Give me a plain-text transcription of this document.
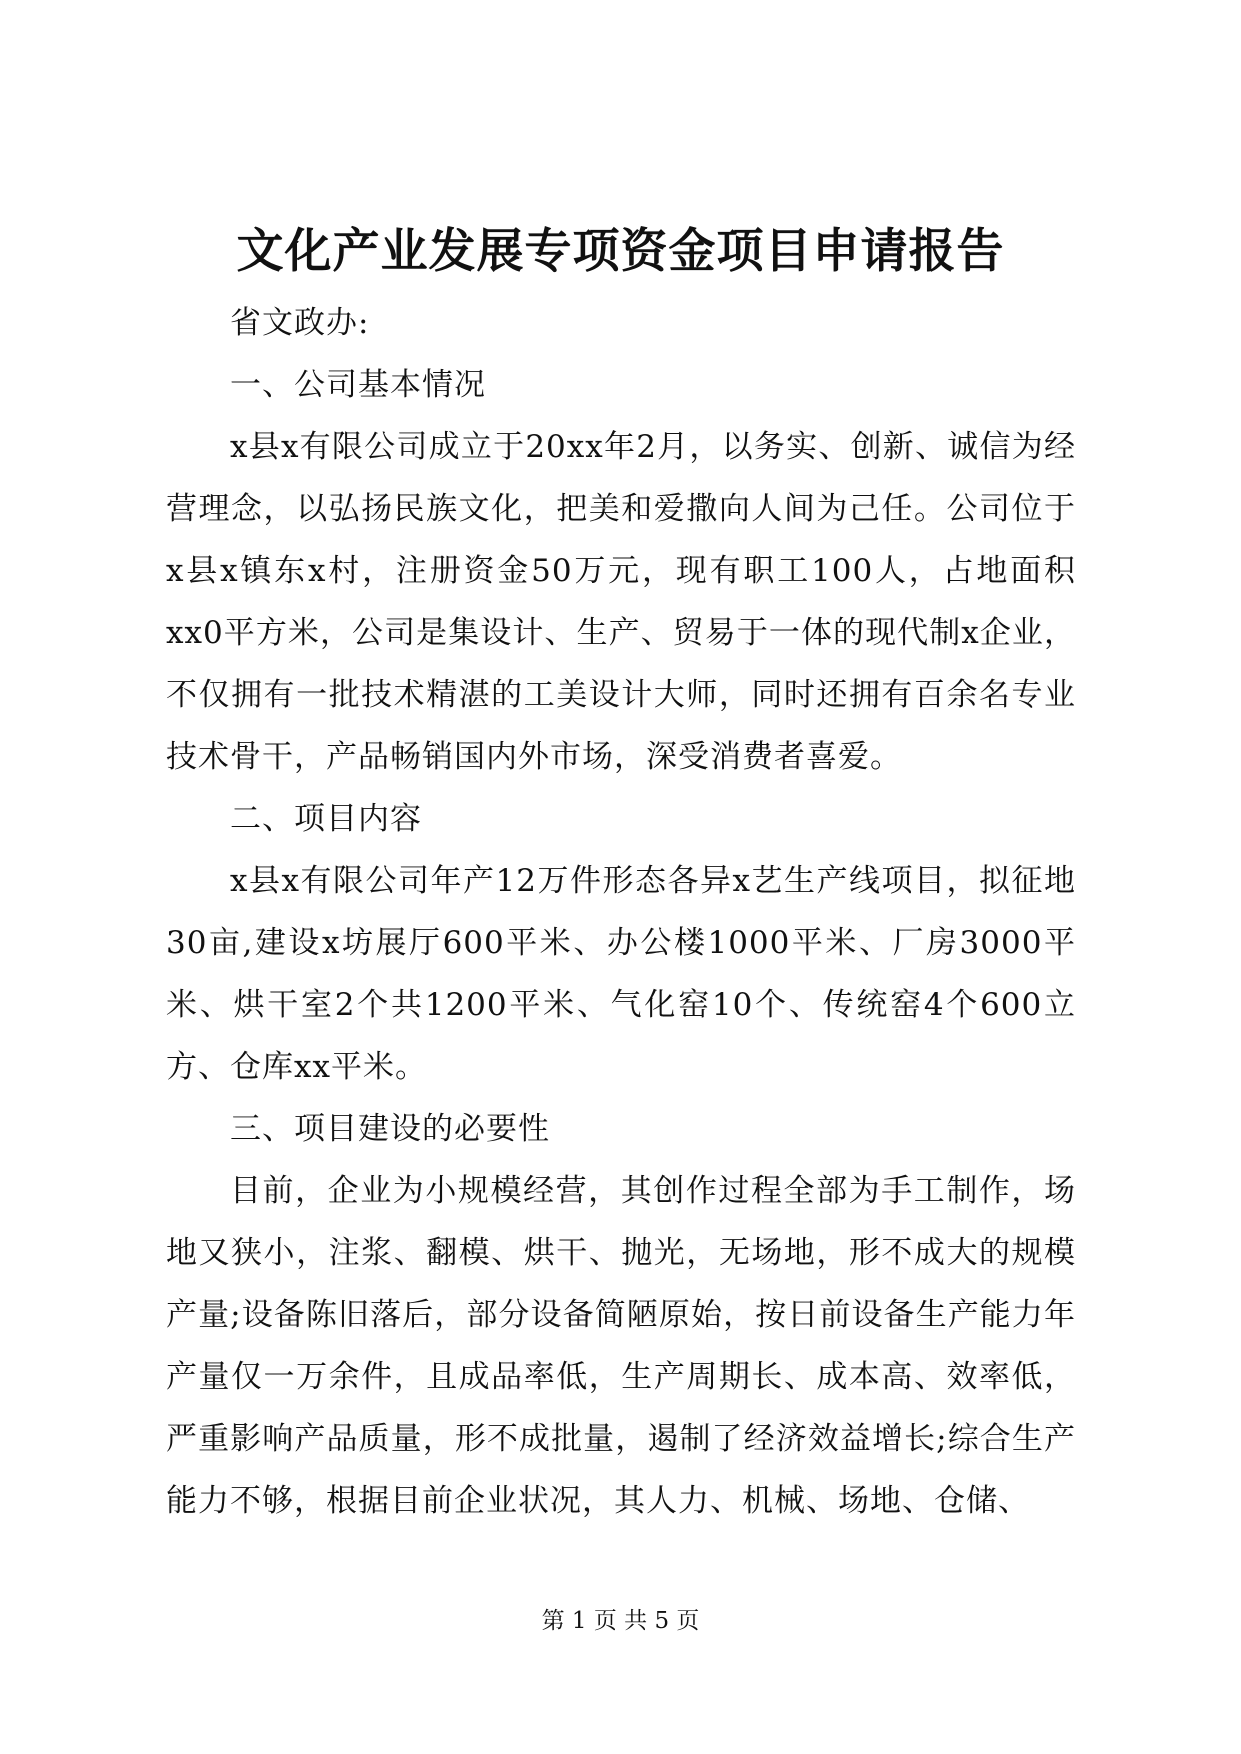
文化产业发展专项资金项目申请报告

省文政办:

一、公司基本情况

x县x有限公司成立于20xx年2月，以务实、创新、诚信为经营理念，以弘扬民族文化，把美和爱撒向人间为己任。公司位于x县x镇东x村，注册资金50万元，现有职工100人，占地面积xx0平方米，公司是集设计、生产、贸易于一体的现代制x企业，不仅拥有一批技术精湛的工美设计大师，同时还拥有百余名专业技术骨干，产品畅销国内外市场，深受消费者喜爱。

二、项目内容

x县x有限公司年产12万件形态各异x艺生产线项目，拟征地30亩,建设x坊展厅600平米、办公楼1000平米、厂房3000平米、烘干室2个共1200平米、气化窑10个、传统窑4个600立方、仓库xx平米。

三、项目建设的必要性

目前，企业为小规模经营，其创作过程全部为手工制作，场地又狭小，注浆、翻模、烘干、抛光，无场地，形不成大的规模产量;设备陈旧落后，部分设备简陋原始，按日前设备生产能力年产量仅一万余件，且成品率低，生产周期长、成本高、效率低，严重影响产品质量，形不成批量，遏制了经济效益增长;综合生产能力不够，根据目前企业状况，其人力、机械、场地、仓储、

第 1 页 共 5 页
